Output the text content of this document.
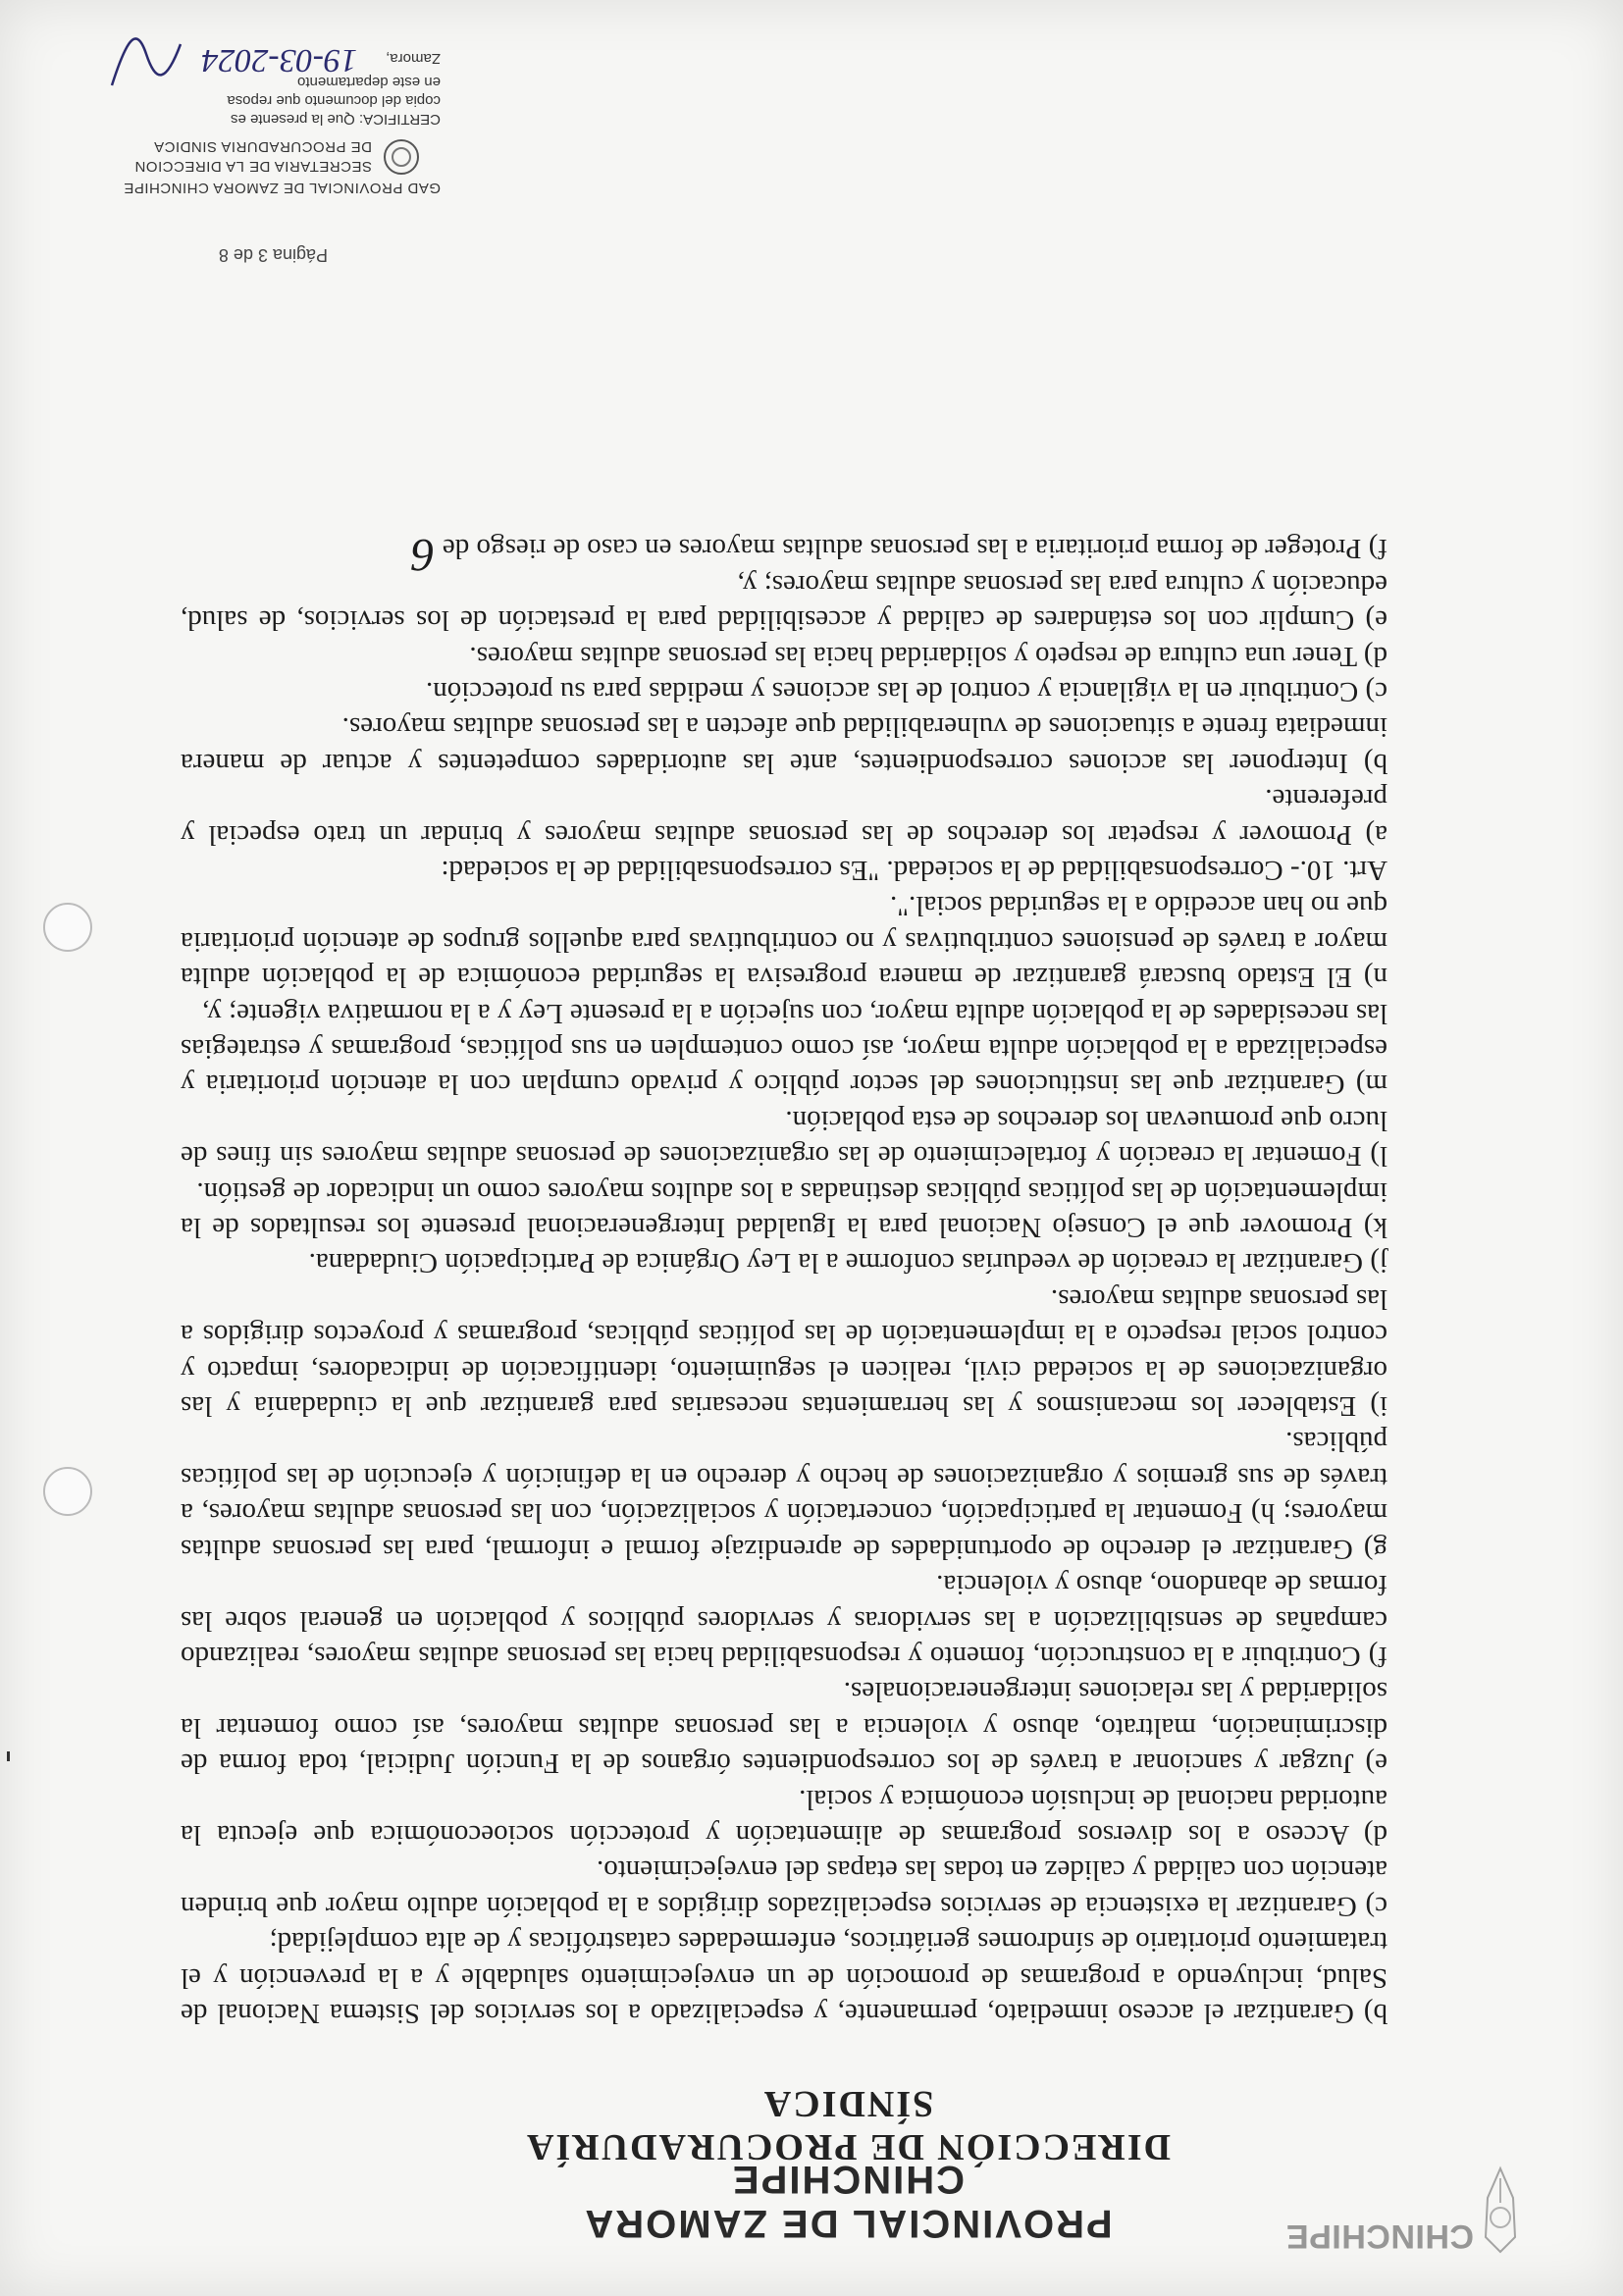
CHINCHIPE
PROVINCIAL DE ZAMORA CHINCHIPE
DIRECCIÓN DE PROCURADURÍA SÍNDICA

b) Garantizar el acceso inmediato, permanente, y especializado a los servicios del Sistema Nacional de Salud, incluyendo a programas de promoción de un envejecimiento saludable y a la prevención y el tratamiento prioritario de síndromes geriátricos, enfermedades catastróficas y de alta complejidad;

c) Garantizar la existencia de servicios especializados dirigidos a la población adulto mayor que brinden atención con calidad y calidez en todas las etapas del envejecimiento.

d) Acceso a los diversos programas de alimentación y protección socioeconómica que ejecuta la autoridad nacional de inclusión económica y social.

e) Juzgar y sancionar a través de los correspondientes órganos de la Función Judicial, toda forma de discriminación, maltrato, abuso y violencia a las personas adultas mayores, así como fomentar la solidaridad y las relaciones intergeneracionales.

f) Contribuir a la construcción, fomento y responsabilidad hacia las personas adultas mayores, realizando campañas de sensibilización a las servidoras y servidores públicos y población en general sobre las formas de abandono, abuso y violencia.

g) Garantizar el derecho de oportunidades de aprendizaje formal e informal, para las personas adultas mayores; h) Fomentar la participación, concertación y socialización, con las personas adultas mayores, a través de sus gremios y organizaciones de hecho y derecho en la definición y ejecución de las políticas públicas.

i) Establecer los mecanismos y las herramientas necesarias para garantizar que la ciudadanía y las organizaciones de la sociedad civil, realicen el seguimiento, identificación de indicadores, impacto y control social respecto a la implementación de las políticas públicas, programas y proyectos dirigidos a las personas adultas mayores.

j) Garantizar la creación de veedurías conforme a la Ley Orgánica de Participación Ciudadana.

k) Promover que el Consejo Nacional para la Igualdad Intergeneracional presente los resultados de la implementación de las políticas públicas destinadas a los adultos mayores como un indicador de gestión.

l) Fomentar la creación y fortalecimiento de las organizaciones de personas adultas mayores sin fines de lucro que promuevan los derechos de esta población.

m) Garantizar que las instituciones del sector público y privado cumplan con la atención prioritaria y especializada a la población adulta mayor, así como contemplen en sus políticas, programas y estrategias las necesidades de la población adulta mayor, con sujeción a la presente Ley y a la normativa vigente; y,

n) El Estado buscará garantizar de manera progresiva la seguridad económica de la población adulta mayor a través de pensiones contributivas y no contributivas para aquellos grupos de atención prioritaria que no han accedido a la seguridad social.".

Art. 10.- Corresponsabilidad de la sociedad. "Es corresponsabilidad de la sociedad:

a) Promover y respetar los derechos de las personas adultas mayores y brindar un trato especial y preferente.

b) Interponer las acciones correspondientes, ante las autoridades competentes y actuar de manera inmediata frente a situaciones de vulnerabilidad que afecten a las personas adultas mayores.

c) Contribuir en la vigilancia y control de las acciones y medidas para su protección.

d) Tener una cultura de respeto y solidaridad hacia las personas adultas mayores.

e) Cumplir con los estándares de calidad y accesibilidad para la prestación de los servicios, de salud, educación y cultura para las personas adultas mayores; y,

f) Proteger de forma prioritaria a las personas adultas mayores en caso de riesgo de6

Página 3 de 8
GAD PROVINCIAL DE ZAMORA CHINCHIPE
SECRETARIA DE LA DIRECCION
DE PROCURADURIA SINDICA
CERTIFICA: Que la presente es
copia del documento que reposa
en este departamento
Zamora,
19-03-2024
